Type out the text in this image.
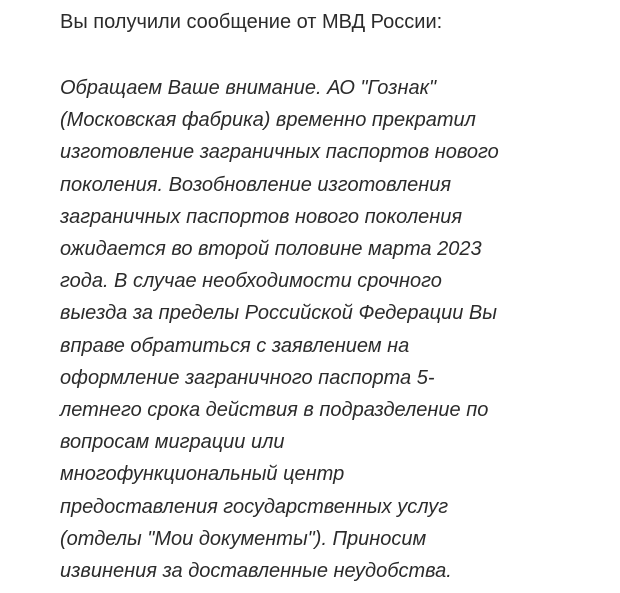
Вы получили сообщение от МВД России:

Обращаем Ваше внимание. АО "Гознак"
(Московская фабрика) временно прекратил
изготовление заграничных паспортов нового
поколения. Возобновление изготовления
заграничных паспортов нового поколения
ожидается во второй половине марта 2023
года. В случае необходимости срочного
выезда за пределы Российской Федерации Вы
вправе обратиться с заявлением на
оформление заграничного паспорта 5-
летнего срока действия в подразделение по
вопросам миграции или
многофункциональный центр
предоставления государственных услуг
(отделы "Мои документы"). Приносим
извинения за доставленные неудобства.
